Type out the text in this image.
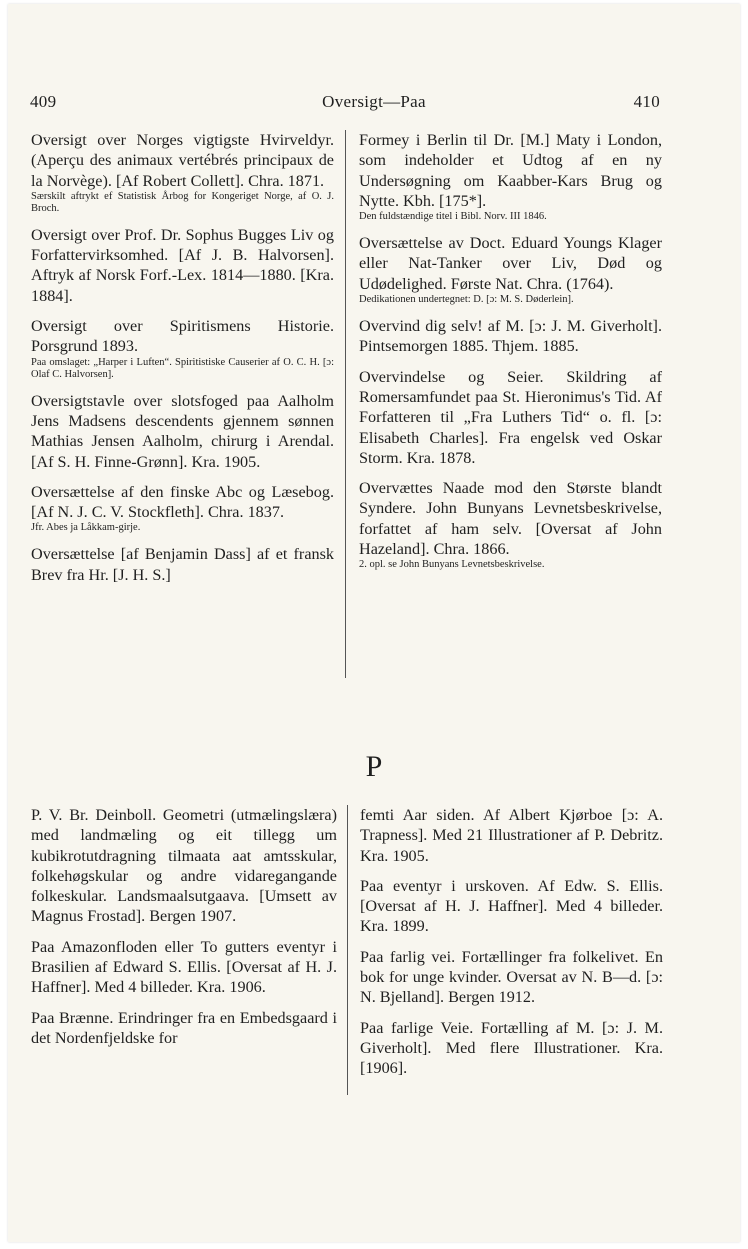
409	Oversigt—Paa	410

Oversigt over Norges vigtigste Hvirveldyr. (Aperçu des animaux vertébrés principaux de la Norvège). [Af Robert Collett]. Chra. 1871.

Særskilt aftrykt ef Statistisk Årbog for Kongeriget Norge, af O. J. Broch.

Oversigt over Prof. Dr. Sophus Bugges Liv og Forfattervirksomhed. [Af J. B. Halvorsen]. Aftryk af Norsk Forf.-Lex. 1814—1880. [Kra. 1884].

Oversigt over Spiritismens Historie. Porsgrund 1893.

Paa omslaget: „Harper i Luften“. Spiritistiske Causerier af O. C. H. [ɔ: Olaf C. Halvorsen].

Oversigtstavle over slotsfoged paa Aalholm Jens Madsens descendents gjennem sønnen Mathias Jensen Aalholm, chirurg i Arendal. [Af S. H. Finne-Grønn]. Kra. 1905.

Oversættelse af den finske Abc og Læsebog. [Af N. J. C. V. Stockfleth]. Chra. 1837.

Jfr. Abes ja Låkkam-girje.

Oversættelse [af Benjamin Dass] af et fransk Brev fra Hr. [J. H. S.]

Formey i Berlin til Dr. [M.] Maty i London, som indeholder et Udtog af en ny Undersøgning om Kaabber-Kars Brug og Nytte. Kbh. [175*].

Den fuldstændige titel i Bibl. Norv. III 1846.

Oversættelse av Doct. Eduard Youngs Klager eller Nat-Tanker over Liv, Død og Udødelighed. Første Nat. Chra. (1764).

Dedikationen undertegnet: D. [ɔ: M. S. Døderlein].

Overvind dig selv! af M. [ɔ: J. M. Giverholt]. Pintsemorgen 1885. Thjem. 1885.

Overvindelse og Seier. Skildring af Romersamfundet paa St. Hieronimus's Tid. Af Forfatteren til „Fra Luthers Tid“ o. fl. [ɔ: Elisabeth Charles]. Fra engelsk ved Oskar Storm. Kra. 1878.

Overvættes Naade mod den Største blandt Syndere. John Bunyans Levnetsbeskrivelse, forfattet af ham selv. [Oversat af John Hazeland]. Chra. 1866.

2. opl. se John Bunyans Levnetsbeskrivelse.

P

P. V. Br. Deinboll. Geometri (utmælingslæra) med landmæling og eit tillegg um kubikrotutdragning tilmaata aat amtsskular, folkehøgskular og andre vidaregangande folkeskular. Landsmaalsutgaava. [Umsett av Magnus Frostad]. Bergen 1907.

Paa Amazonfloden eller To gutters eventyr i Brasilien af Edward S. Ellis. [Oversat af H. J. Haffner]. Med 4 billeder. Kra. 1906.

Paa Brænne. Erindringer fra en Embedsgaard i det Nordenfjeldske for

femti Aar siden. Af Albert Kjørboe [ɔ: A. Trapness]. Med 21 Illustrationer af P. Debritz. Kra. 1905.

Paa eventyr i urskoven. Af Edw. S. Ellis. [Oversat af H. J. Haffner]. Med 4 billeder. Kra. 1899.

Paa farlig vei. Fortællinger fra folkelivet. En bok for unge kvinder. Oversat av N. B—d. [ɔ: N. Bjelland]. Bergen 1912.

Paa farlige Veie. Fortælling af M. [ɔ: J. M. Giverholt]. Med flere Illustrationer. Kra. [1906].
